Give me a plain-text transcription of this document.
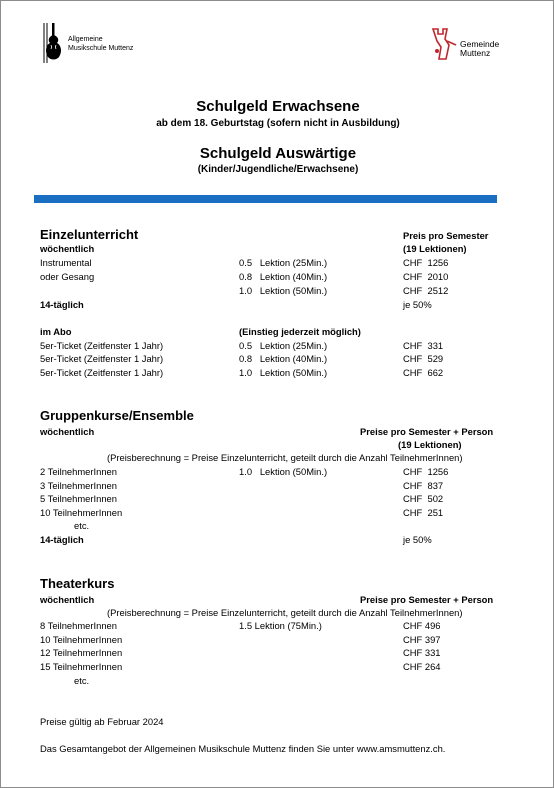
Allgemeine
Musikschule Muttenz	Gemeinde
Muttenz
Schulgeld Erwachsene
ab dem 18. Geburtstag (sofern nicht in Ausbildung)
Schulgeld Auswärtige
(Kinder/Jugendliche/Erwachsene)
Einzelunterricht	Preis pro Semester
wöchentlich	(19 Lektionen)
Instrumental	0.5   Lektion (25Min.)	CHF  1256
oder Gesang	0.8   Lektion (40Min.)	CHF  2010
1.0   Lektion (50Min.)	CHF  2512
14-täglich	je 50%
im Abo	(Einstieg jederzeit möglich)
5er-Ticket (Zeitfenster 1 Jahr)	0.5   Lektion (25Min.)	CHF  331
5er-Ticket (Zeitfenster 1 Jahr)	0.8   Lektion (40Min.)	CHF  529
5er-Ticket (Zeitfenster 1 Jahr)	1.0   Lektion (50Min.)	CHF  662
Gruppenkurse/Ensemble
wöchentlich	Preise pro Semester + Person
(19 Lektionen)
(Preisberechnung = Preise Einzelunterricht, geteilt durch die Anzahl TeilnehmerInnen)
2 TeilnehmerInnen	1.0   Lektion (50Min.)	CHF  1256
3 TeilnehmerInnen	CHF  837
5 TeilnehmerInnen	CHF  502
10 TeilnehmerInnen	CHF  251
etc.
14-täglich	je 50%
Theaterkurs
wöchentlich	Preise pro Semester + Person
(Preisberechnung = Preise Einzelunterricht, geteilt durch die Anzahl TeilnehmerInnen)
8 TeilnehmerInnen	1.5 Lektion (75Min.)	CHF 496
10 TeilnehmerInnen	CHF 397
12 TeilnehmerInnen	CHF 331
15 TeilnehmerInnen	CHF 264
etc.
Preise gültig ab Februar 2024
Das Gesamtangebot der Allgemeinen Musikschule Muttenz finden Sie unter www.amsmuttenz.ch.
